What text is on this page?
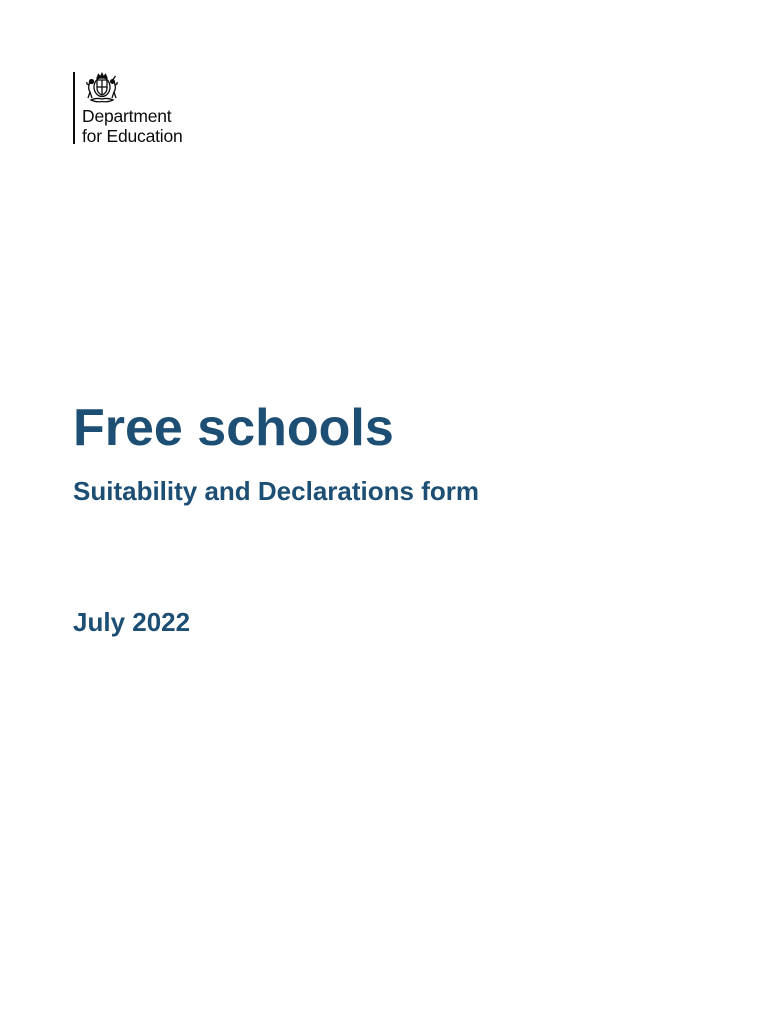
Department
for Education
Free schools
Suitability and Declarations form

July 2022
